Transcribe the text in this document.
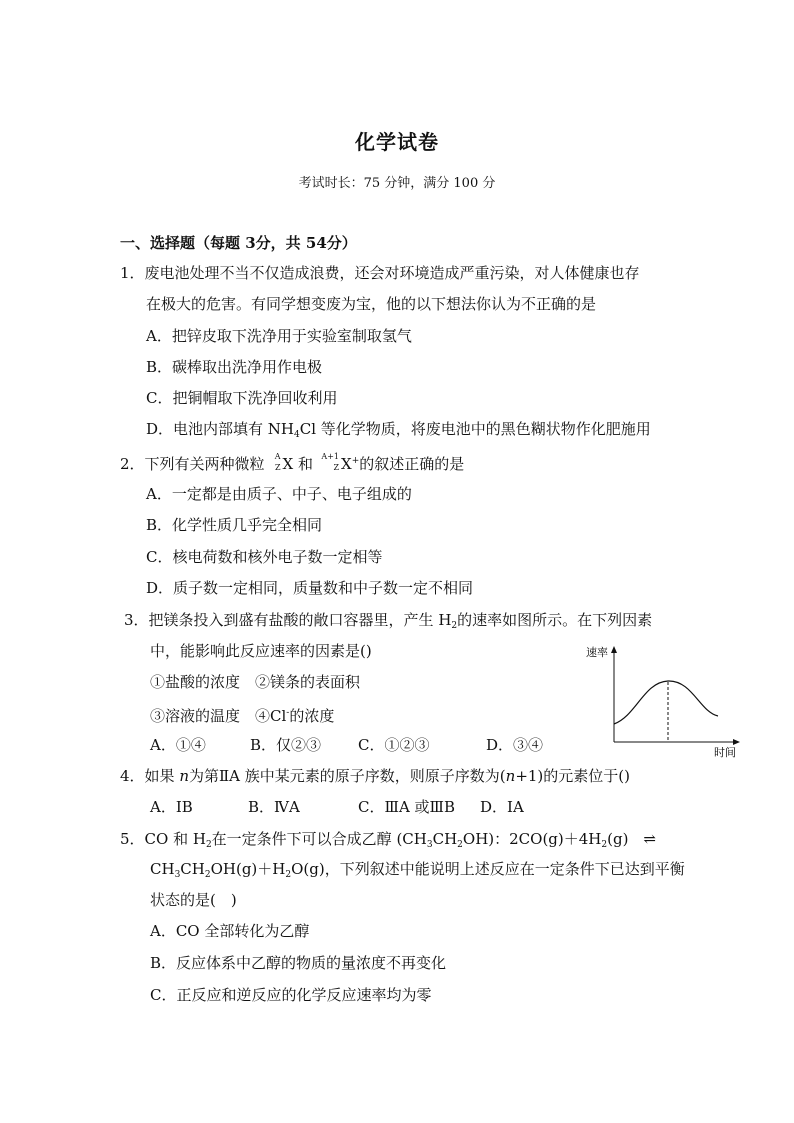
化学试卷
考试时长：75 分钟，满分 100 分
一、选择题（每题 3分，共 54分）
1．废电池处理不当不仅造成浪费，还会对环境造成严重污染，对人体健康也存
在极大的危害。有同学想变废为宝，他的以下想法你认为不正确的是
A．把锌皮取下洗净用于实验室制取氢气
B．碳棒取出洗净用作电极
C．把铜帽取下洗净回收利用
D．电池内部填有 $NH_4Cl$ 等化学物质，将废电池中的黑色糊状物作化肥施用
2．下列有关两种微粒 A
Z X 和 A+1
Z X+的叙述正确的是
A．一定都是由质子、中子、电子组成的
B．化学性质几乎完全相同
C．核电荷数和核外电子数一定相等
D．质子数一定相同，质量数和中子数一定不相同
3．把镁条投入到盛有盐酸的敞口容器里，产生 $H_2$的速率如图所示。在下列因素
中，能影响此反应速率的因素是()
①盐酸的浓度　②镁条的表面积
③溶液的温度　④Cl-的浓度
A．①④	B．仅②③ C．①②③	D．③④
速率
时间
4．如果 n为第ⅡA 族中某元素的原子序数，则原子序数为(n+1)的元素位于()
A．ⅠB	B．ⅣA	C．ⅢA 或ⅢB D．ⅠA
5．CO 和 $H_2$在一定条件下可以合成乙醇 $(CH_3CH_2OH)$：$2CO(g)+4H_2(g)$　⇌
$CH_3CH_2OH(g)+H_2O(g)$，下列叙述中能说明上述反应在一定条件下已达到平衡
状态的是(　)
A．CO 全部转化为乙醇
B．反应体系中乙醇的物质的量浓度不再变化
C．正反应和逆反应的化学反应速率均为零
